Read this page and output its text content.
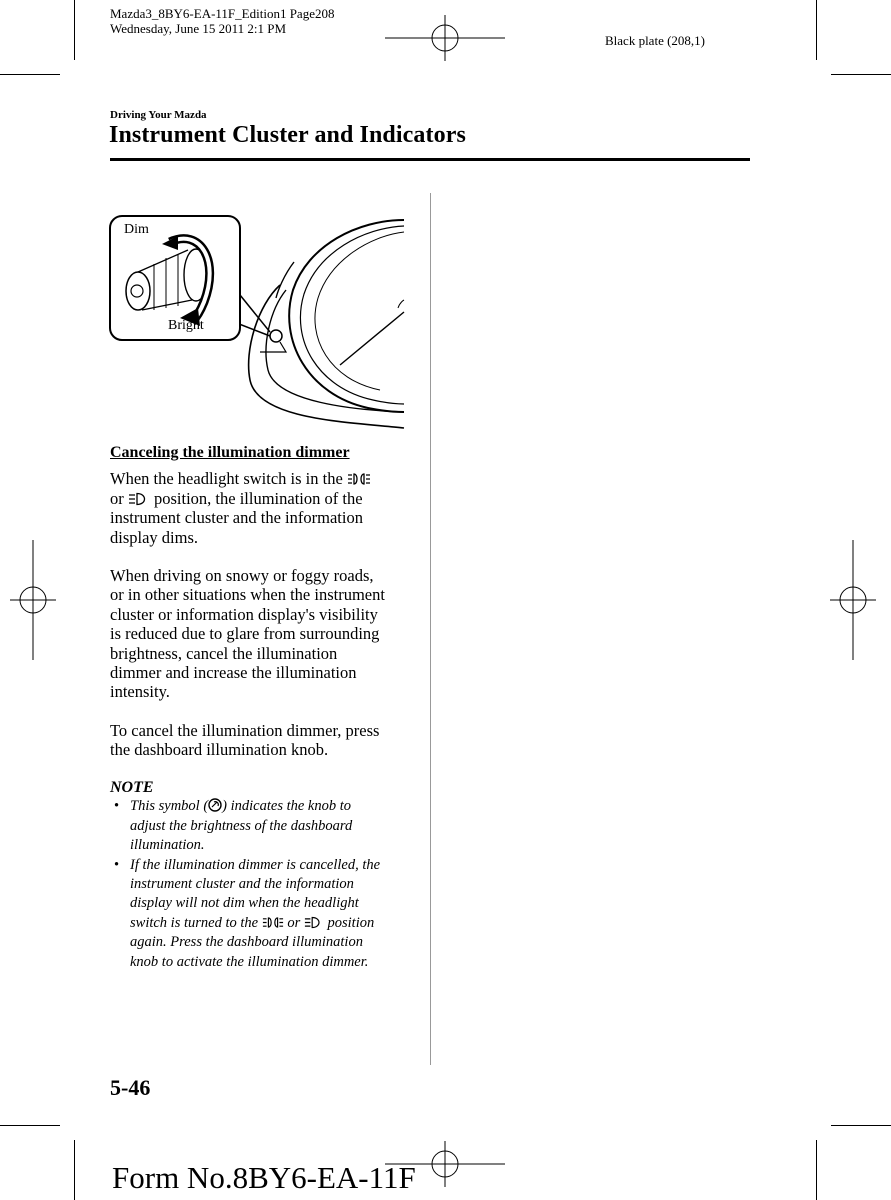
Mazda3_8BY6-EA-11F_Edition1 Page208
Wednesday, June 15 2011 2:1 PM
Black plate (208,1)
Driving Your Mazda
Instrument Cluster and Indicators
Dim
Bright

Canceling the illumination dimmer

When the headlight switch is in the
or position, the illumination of the
instrument cluster and the information
display dims.

When driving on snowy or foggy roads,
or in other situations when the instrument
cluster or information display's visibility
is reduced due to glare from surrounding
brightness, cancel the illumination
dimmer and increase the illumination
intensity.

To cancel the illumination dimmer, press
the dashboard illumination knob.

NOTE
• This symbol ( ) indicates the knob to
adjust the brightness of the dashboard
illumination.
• If the illumination dimmer is cancelled, the
instrument cluster and the information
display will not dim when the headlight
switch is turned to the or position
again. Press the dashboard illumination
knob to activate the illumination dimmer.
5-46
Form No.8BY6-EA-11F
